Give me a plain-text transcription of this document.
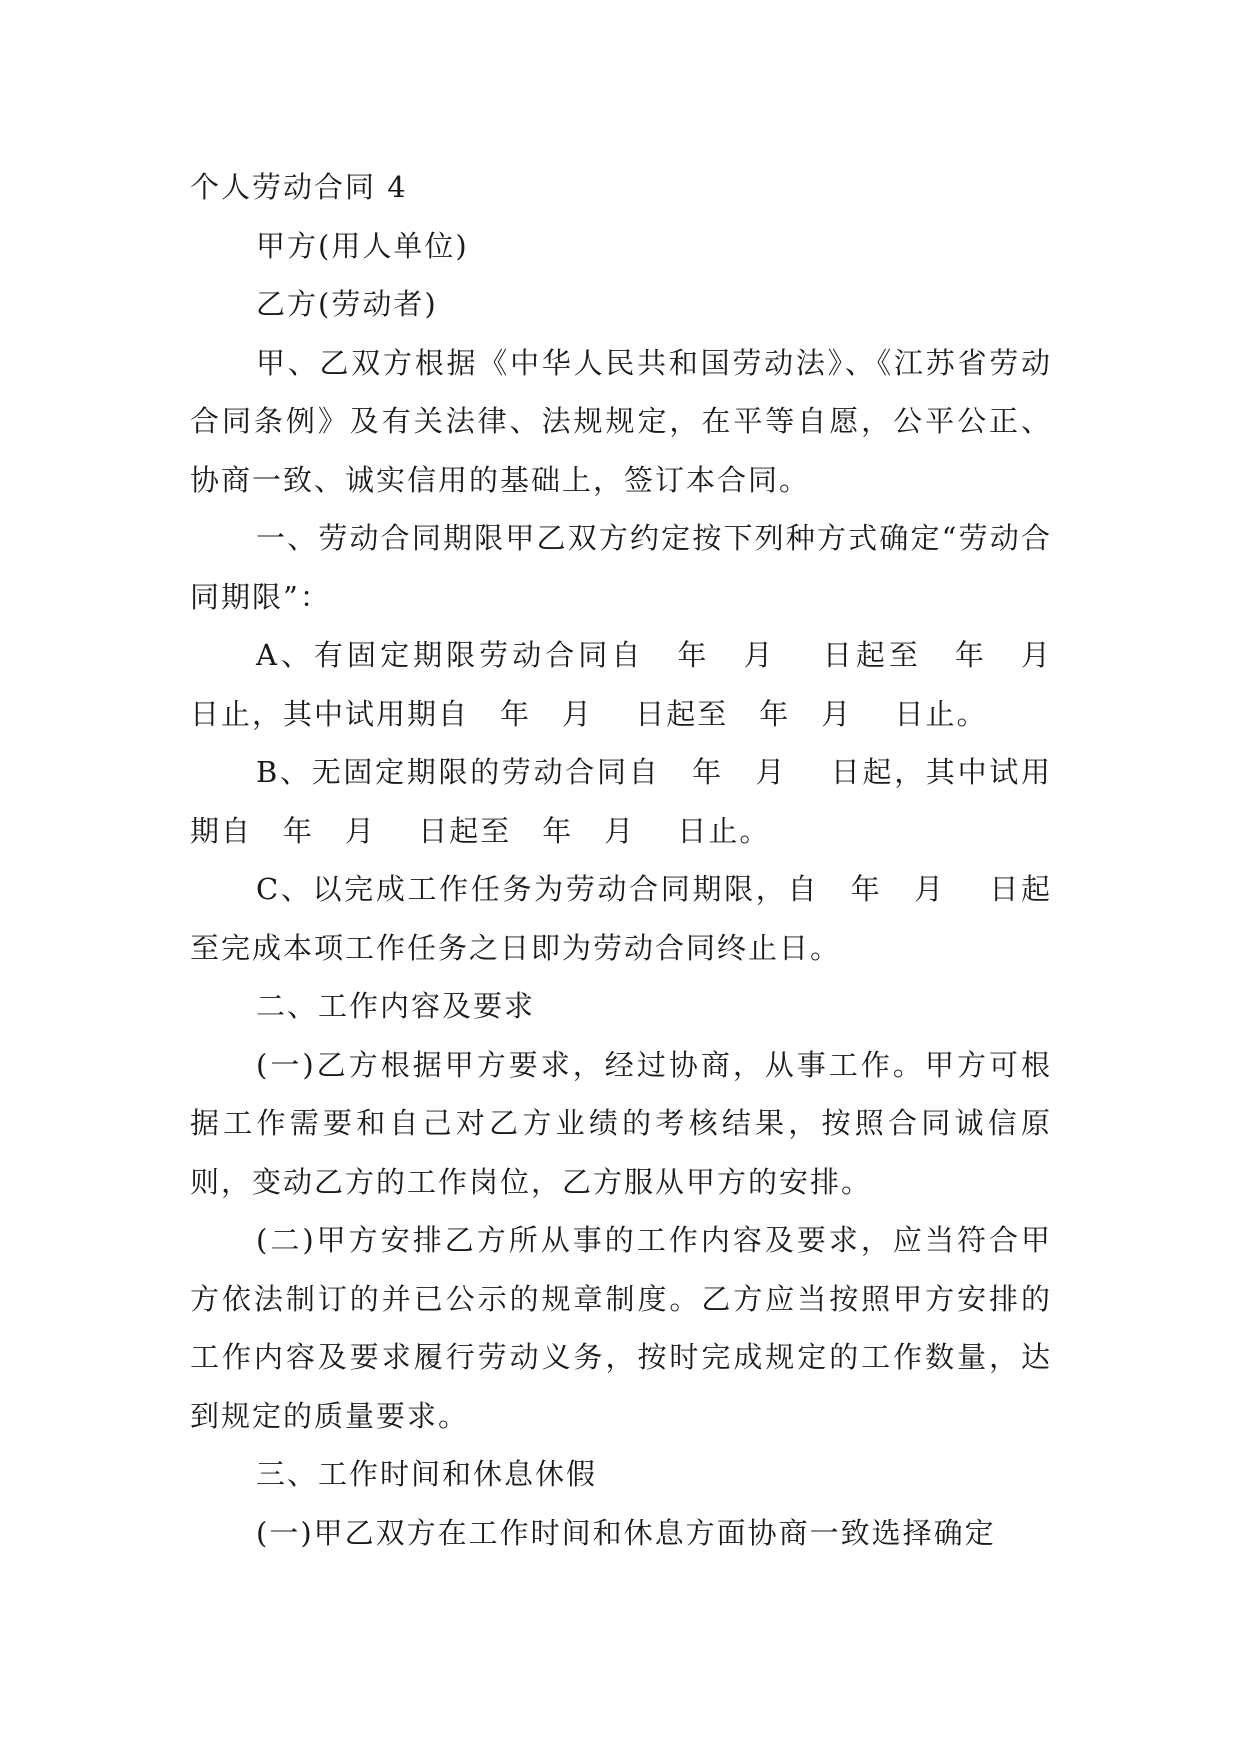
个人劳动合同 4

甲方(用人单位)

乙方(劳动者)

甲、乙双方根据《中华人民共和国劳动法》、《江苏省劳动合同条例》及有关法律、法规规定，在平等自愿，公平公正、协商一致、诚实信用的基础上，签订本合同。

一、劳动合同期限甲乙双方约定按下列种方式确定“劳动合同期限”：

A、有固定期限劳动合同自　年　月　 日起至　年　月　 日止，其中试用期自　年　月　 日起至　年　月　 日止。

B、无固定期限的劳动合同自　年　月　 日起，其中试用期自　年　月　 日起至　年　月　 日止。

C、以完成工作任务为劳动合同期限，自　年　月　 日起至完成本项工作任务之日即为劳动合同终止日。

二、工作内容及要求

(一)乙方根据甲方要求，经过协商，从事工作。甲方可根据工作需要和自己对乙方业绩的考核结果，按照合同诚信原则，变动乙方的工作岗位，乙方服从甲方的安排。

(二)甲方安排乙方所从事的工作内容及要求，应当符合甲方依法制订的并已公示的规章制度。乙方应当按照甲方安排的工作内容及要求履行劳动义务，按时完成规定的工作数量，达到规定的质量要求。

三、工作时间和休息休假

(一)甲乙双方在工作时间和休息方面协商一致选择确定
